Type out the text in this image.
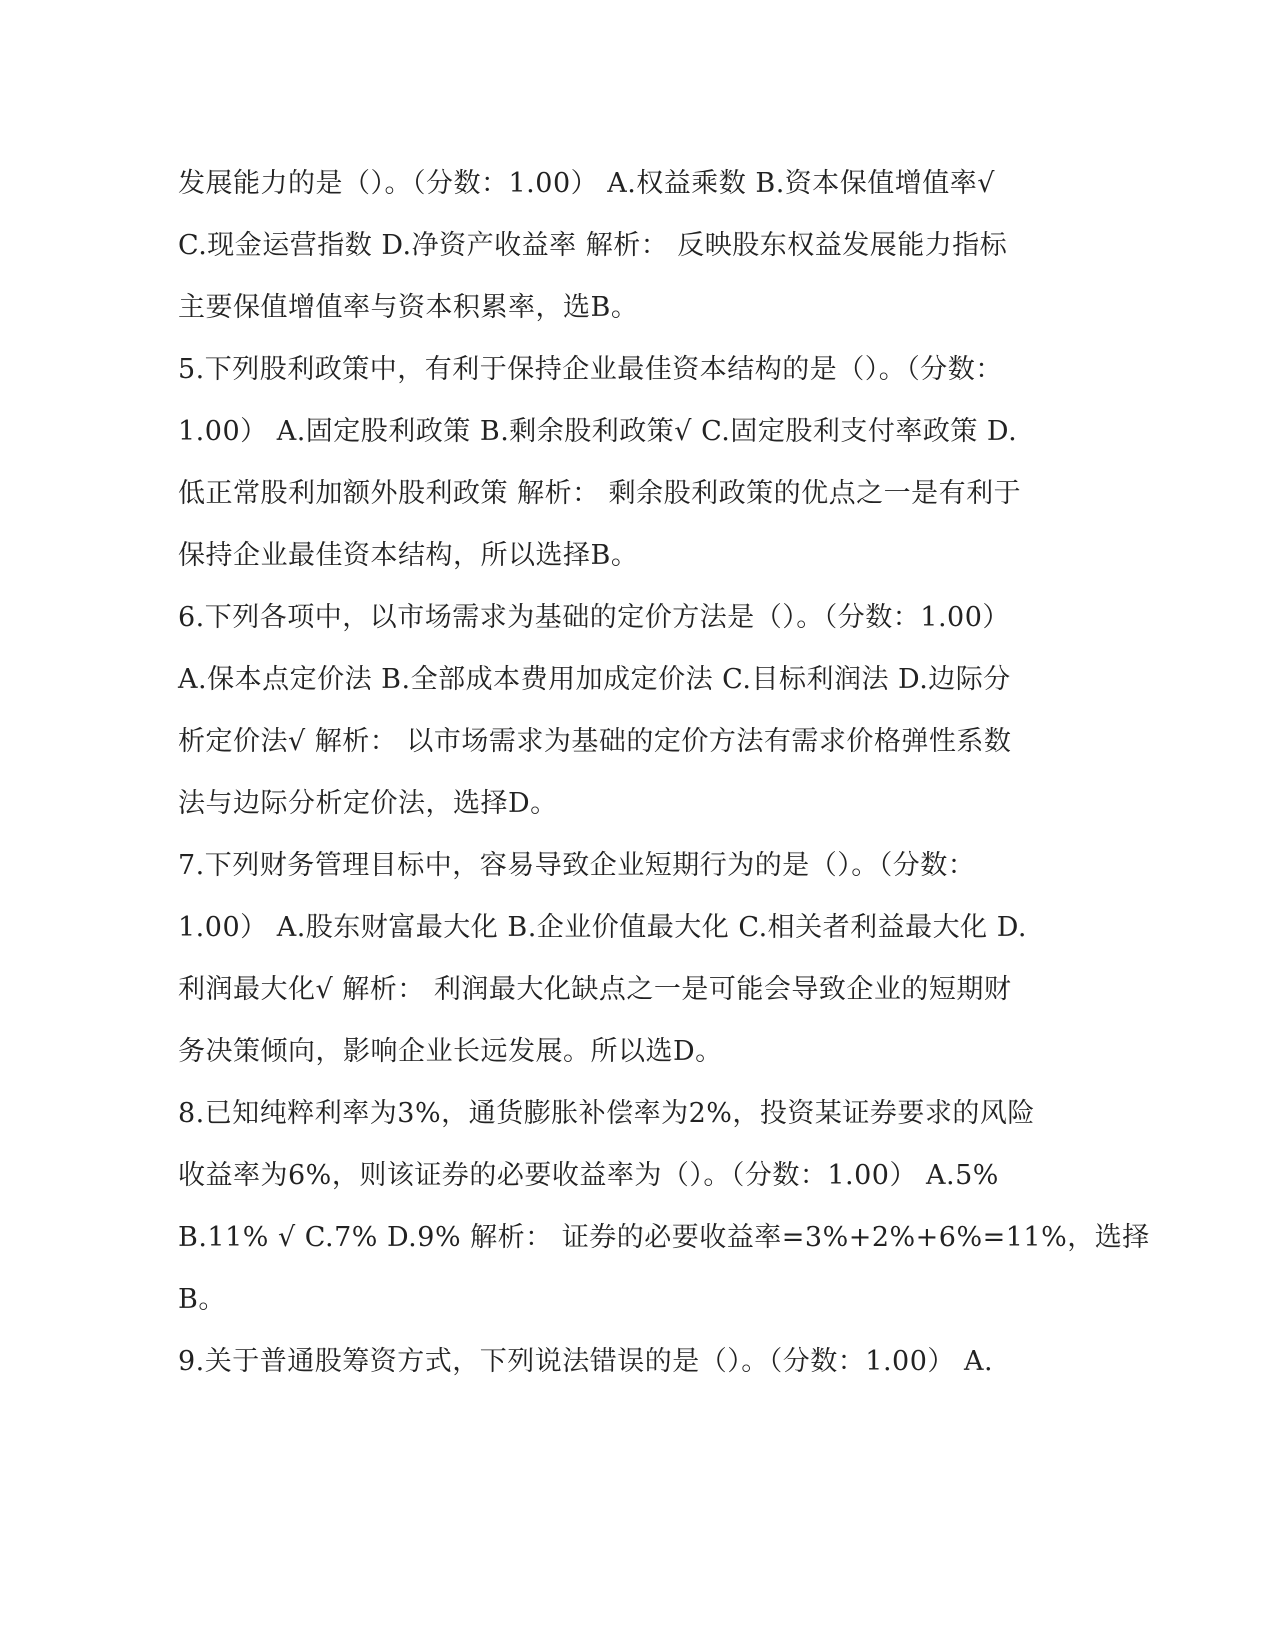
发展能力的是（）。（分数：1.00） A.权益乘数 B.资本保值增值率√
C.现金运营指数 D.净资产收益率 解析： 反映股东权益发展能力指标
主要保值增值率与资本积累率，选B。
5.下列股利政策中，有利于保持企业最佳资本结构的是（）。（分数：
1.00） A.固定股利政策 B.剩余股利政策√ C.固定股利支付率政策 D.
低正常股利加额外股利政策 解析： 剩余股利政策的优点之一是有利于
保持企业最佳资本结构，所以选择B。
6.下列各项中，以市场需求为基础的定价方法是（）。（分数：1.00）
A.保本点定价法 B.全部成本费用加成定价法 C.目标利润法 D.边际分
析定价法√ 解析： 以市场需求为基础的定价方法有需求价格弹性系数
法与边际分析定价法，选择D。
7.下列财务管理目标中，容易导致企业短期行为的是（）。（分数：
1.00） A.股东财富最大化 B.企业价值最大化 C.相关者利益最大化 D.
利润最大化√ 解析： 利润最大化缺点之一是可能会导致企业的短期财
务决策倾向，影响企业长远发展。所以选D。
8.已知纯粹利率为3%，通货膨胀补偿率为2%，投资某证券要求的风险
收益率为6%，则该证券的必要收益率为（）。（分数：1.00） A.5%
B.11% √ C.7% D.9% 解析： 证券的必要收益率=3%+2%+6%=11%，选择
B。
9.关于普通股筹资方式，下列说法错误的是（）。（分数：1.00） A.
